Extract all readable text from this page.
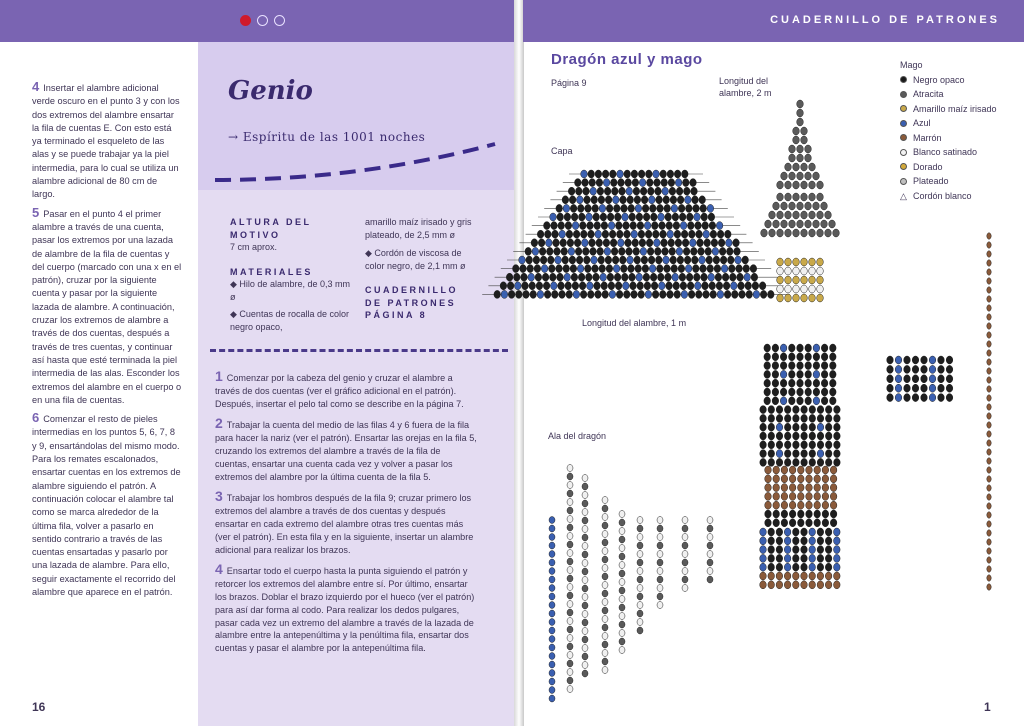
4 Insertar el alambre adicional verde oscuro en el punto 3 y con los dos extremos del alambre ensartar la fila de cuentas E. Con esto está ya terminado el esqueleto de las alas y se puede trabajar ya la piel intermedia, para lo cual se utiliza un alambre adicional de 80 cm de largo.

5 Pasar en el punto 4 el primer alambre a través de una cuenta, pasar los extremos por una lazada de alambre de la fila de cuentas y del cuerpo (marcado con una x en el patrón), cruzar por la siguiente cuenta y pasar por la siguiente lazada de alambre. A continuación, cruzar los extremos de alambre a través de dos cuentas, después a través de tres cuentas, y continuar así hasta que esté terminada la piel intermedia de las alas. Esconder los extremos del alambre en el cuerpo o en una fila de cuentas.

6 Comenzar el resto de pieles intermedias en los puntos 5, 6, 7, 8 y 9, ensartándolas del mismo modo. Para los remates escalonados, ensartar cuentas en los extremos de alambre siguiendo el patrón. A continuación colocar el alambre tal como se marca alrededor de la última fila, volver a pasarlo en sentido contrario a través de las cuentas ensartadas y pasarlo por una lazada de alambre. Para ello, seguir exactamente el recorrido del alambre que aparece en el patrón.

16
Genio
→ Espíritu de las 1001 noches
ALTURA DEL MOTIVO
7 cm aprox.
MATERIALES
◆ Hilo de alambre, de 0,3 mm ø
◆ Cuentas de rocalla de color negro opaco,
amarillo maíz irisado y gris plateado, de 2,5 mm ø
◆ Cordón de viscosa de color negro, de 2,1 mm ø
CUADERNILLO DE PATRONES PÁGINA 8

1 Comenzar por la cabeza del genio y cruzar el alambre a través de dos cuentas (ver el gráfico adicional en el patrón). Después, insertar el pelo tal como se describe en la página 7.

2 Trabajar la cuenta del medio de las filas 4 y 6 fuera de la fila para hacer la nariz (ver el patrón). Ensartar las orejas en la fila 5, cruzando los extremos del alambre a través de la fila de cuentas, ensartar una cuenta cada vez y volver a pasar los extremos del alambre por la última cuenta de la fila 5.

3 Trabajar los hombros después de la fila 9; cruzar primero los extremos del alambre a través de dos cuentas y después ensartar en cada extremo del alambre otras tres cuentas más (ver el patrón). En esta fila y en la siguiente, insertar un alambre adicional para realizar los brazos.

4 Ensartar todo el cuerpo hasta la punta siguiendo el patrón y retorcer los extremos del alambre entre sí. Por último, ensartar los brazos. Doblar el brazo izquierdo por el hueco (ver el patrón) para así dar forma al codo. Para realizar los dedos pulgares, pasar cada vez un extremo del alambre a través de la lazada de alambre entre la antepenúltima y la penúltima fila, ensartar dos cuentas y pasar el alambre por la antepenúltima fila.

CUADERNILLO DE PATRONES
Dragón azul y mago
Página 9	Longitud del
alambre, 2 m
Capa
Longitud del alambre, 1 m
Ala del dragón
1
Mago
Negro opaco
Atracita
Amarillo maíz irisado
Azul
Marrón
Blanco satinado
Dorado
Plateado
△ Cordón blanco
